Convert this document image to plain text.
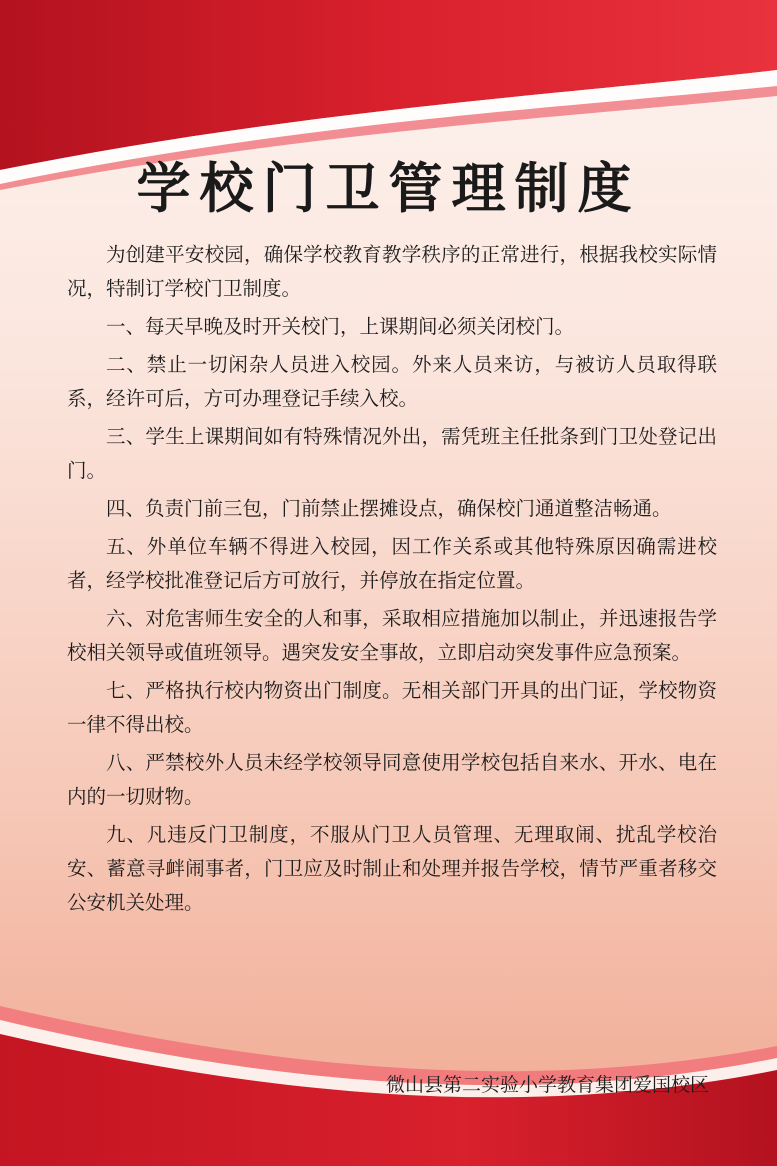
学校门卫管理制度

为创建平安校园，确保学校教育教学秩序的正常进行，根据我校实际情况，特制订学校门卫制度。

一、每天早晚及时开关校门，上课期间必须关闭校门。

二、禁止一切闲杂人员进入校园。外来人员来访，与被访人员取得联系，经许可后，方可办理登记手续入校。

三、学生上课期间如有特殊情况外出，需凭班主任批条到门卫处登记出门。

四、负责门前三包，门前禁止摆摊设点，确保校门通道整洁畅通。

五、外单位车辆不得进入校园，因工作关系或其他特殊原因确需进校者，经学校批准登记后方可放行，并停放在指定位置。

六、对危害师生安全的人和事，采取相应措施加以制止，并迅速报告学校相关领导或值班领导。遇突发安全事故，立即启动突发事件应急预案。

七、严格执行校内物资出门制度。无相关部门开具的出门证，学校物资一律不得出校。

八、严禁校外人员未经学校领导同意使用学校包括自来水、开水、电在内的一切财物。

九、凡违反门卫制度，不服从门卫人员管理、无理取闹、扰乱学校治安、蓄意寻衅闹事者，门卫应及时制止和处理并报告学校，情节严重者移交公安机关处理。

微山县第二实验小学教育集团爱国校区
